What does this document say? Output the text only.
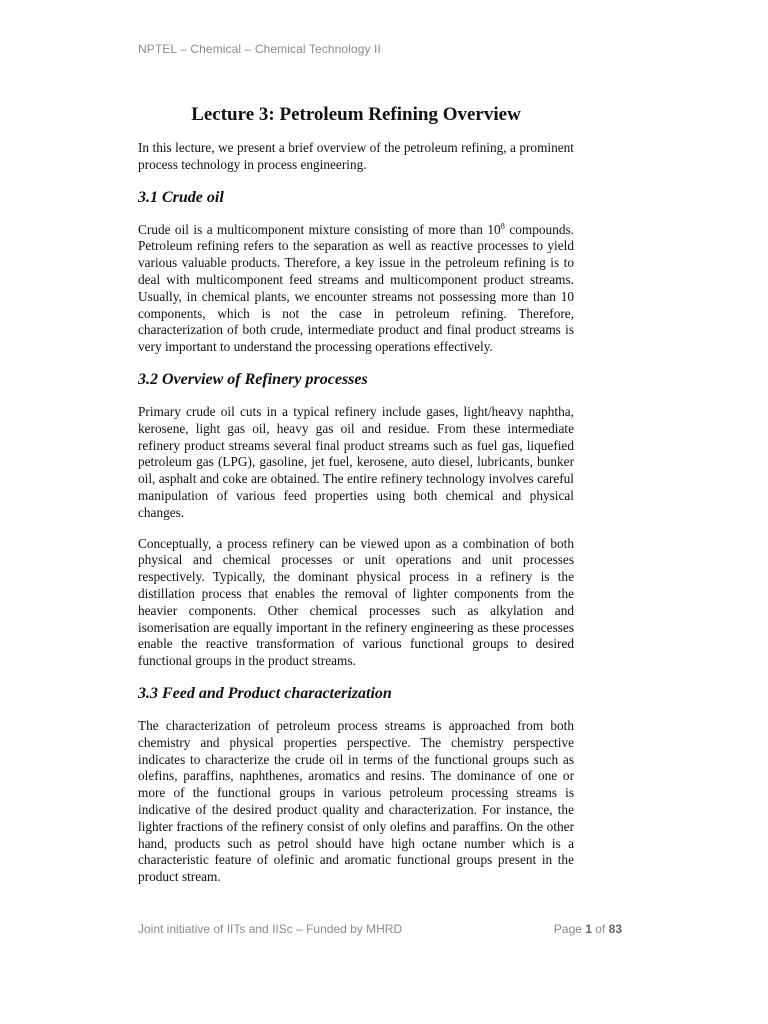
NPTEL – Chemical – Chemical Technology II
Lecture 3: Petroleum Refining Overview

In this lecture, we present a brief overview of the petroleum refining, a prominent process technology in process engineering.

3.1 Crude oil

Crude oil is a multicomponent mixture consisting of more than $10^8$ compounds. Petroleum refining refers to the separation as well as reactive processes to yield various valuable products. Therefore, a key issue in the petroleum refining is to deal with multicomponent feed streams and multicomponent product streams. Usually, in chemical plants, we encounter streams not possessing more than 10 components, which is not the case in petroleum refining. Therefore, characterization of both crude, intermediate product and final product streams is very important to understand the processing operations effectively.

3.2 Overview of Refinery processes

Primary crude oil cuts in a typical refinery include gases, light/heavy naphtha, kerosene, light gas oil, heavy gas oil and residue. From these intermediate refinery product streams several final product streams such as fuel gas, liquefied petroleum gas (LPG), gasoline, jet fuel, kerosene, auto diesel, lubricants, bunker oil, asphalt and coke are obtained. The entire refinery technology involves careful manipulation of various feed properties using both chemical and physical changes.

Conceptually, a process refinery can be viewed upon as a combination of both physical and chemical processes or unit operations and unit processes respectively. Typically, the dominant physical process in a refinery is the distillation process that enables the removal of lighter components from the heavier components. Other chemical processes such as alkylation and isomerisation are equally important in the refinery engineering as these processes enable the reactive transformation of various functional groups to desired functional groups in the product streams.

3.3 Feed and Product characterization

The characterization of petroleum process streams is approached from both chemistry and physical properties perspective. The chemistry perspective indicates to characterize the crude oil in terms of the functional groups such as olefins, paraffins, naphthenes, aromatics and resins. The dominance of one or more of the functional groups in various petroleum processing streams is indicative of the desired product quality and characterization. For instance, the lighter fractions of the refinery consist of only olefins and paraffins. On the other hand, products such as petrol should have high octane number which is a characteristic feature of olefinic and aromatic functional groups present in the product stream.

Joint initiative of IITs and IISc – Funded by MHRD	Page 1 of 83
